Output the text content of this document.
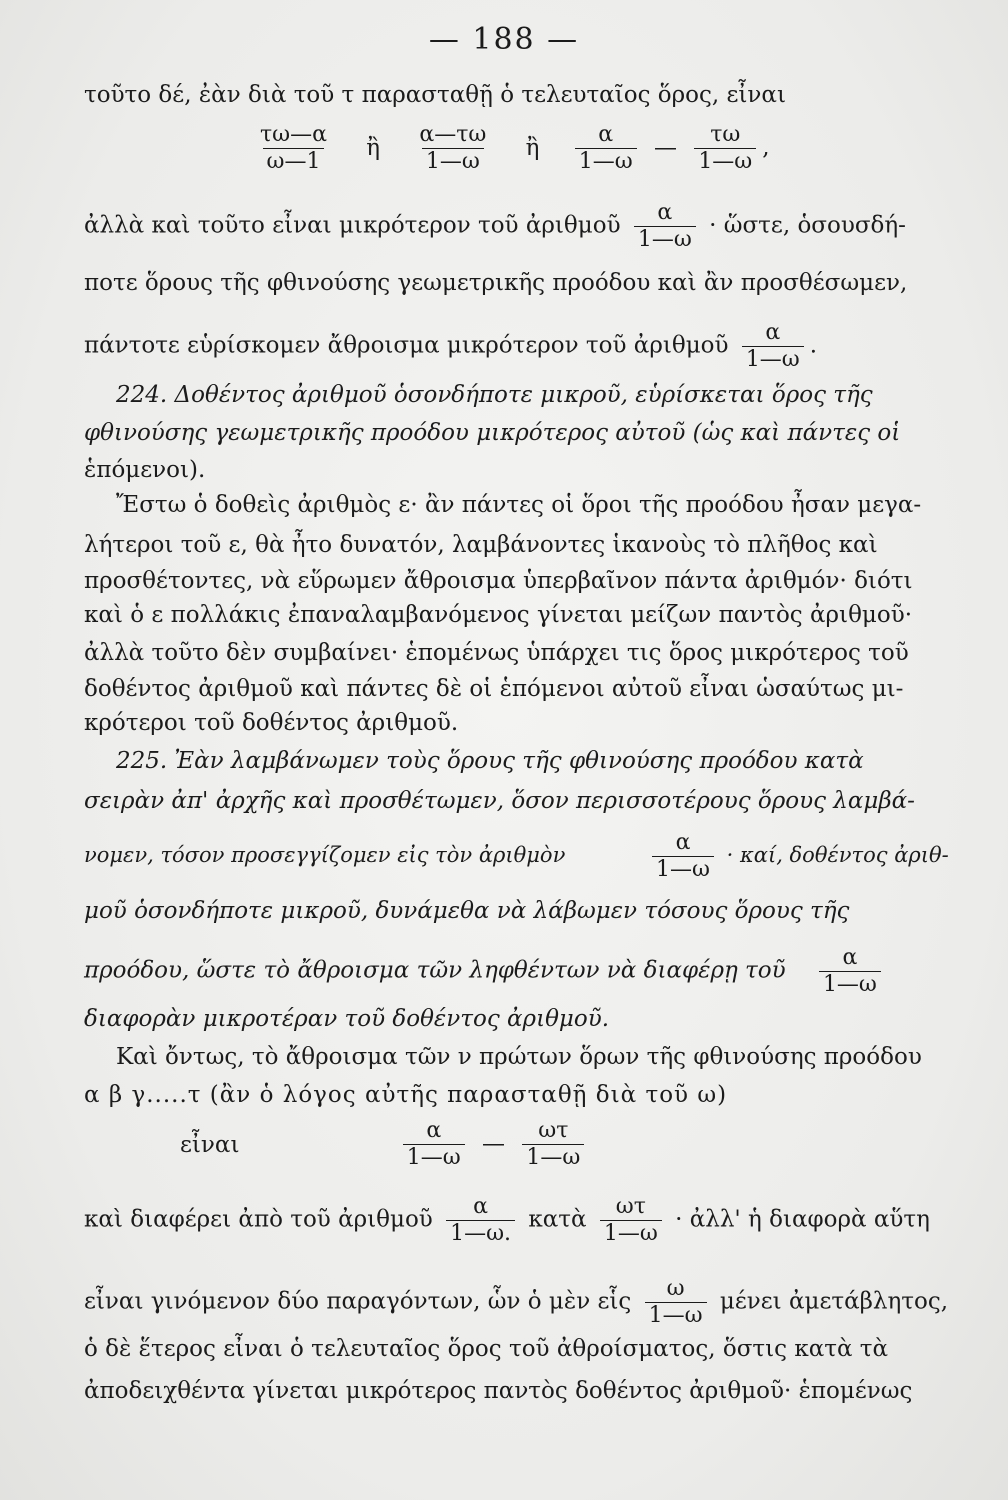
— 188 —
τοῦτο δέ, ἐὰν διὰ τοῦ τ παρασταθῇ ὁ τελευταῖος ὅρος, εἶναι
$\frac{\tau\omega—\alpha}{\omega—1}$ ἢ $\frac{\alpha—\tau\omega}{1—\omega}$ ἢ $\frac{\alpha}{1—\omega}$ — $\frac{\tau\omega}{1—\omega}$ ,
ἀλλὰ καὶ τοῦτο εἶναι μικρότερον τοῦ ἀριθμοῦ $\frac{\alpha}{1—\omega}$ · ὥστε, ὁσουσδή-
ποτε ὅρους τῆς φθινούσης γεωμετρικῆς προόδου καὶ ἂν προσθέσωμεν,
πάντοτε εὑρίσκομεν ἄθροισμα μικρότερον τοῦ ἀριθμοῦ $\frac{\alpha}{1—\omega}$ .
224. Δοθέντος ἀριθμοῦ ὁσονδήποτε μικροῦ, εὑρίσκεται ὅρος τῆς
φθινούσης γεωμετρικῆς προόδου μικρότερος αὐτοῦ (ὡς καὶ πάντες οἱ
ἑπόμενοι).
Ἔστω ὁ δοθεὶς ἀριθμὸς ε· ἂν πάντες οἱ ὅροι τῆς προόδου ἦσαν μεγα-
λήτεροι τοῦ ε, θὰ ἦτο δυνατόν, λαμβάνοντες ἱκανοὺς τὸ πλῆθος καὶ
προσθέτοντες, νὰ εὕρωμεν ἄθροισμα ὑπερβαῖνον πάντα ἀριθμόν· διότι
καὶ ὁ ε πολλάκις ἐπαναλαμβανόμενος γίνεται μείζων παντὸς ἀριθμοῦ·
ἀλλὰ τοῦτο δὲν συμβαίνει· ἑπομένως ὑπάρχει τις ὅρος μικρότερος τοῦ
δοθέντος ἀριθμοῦ καὶ πάντες δὲ οἱ ἑπόμενοι αὐτοῦ εἶναι ὡσαύτως μι-
κρότεροι τοῦ δοθέντος ἀριθμοῦ.
225. Ἐὰν λαμβάνωμεν τοὺς ὅρους τῆς φθινούσης προόδου κατὰ
σειρὰν ἀπ' ἀρχῆς καὶ προσθέτωμεν, ὅσον περισσοτέρους ὅρους λαμβά-
νομεν, τόσον προσεγγίζομεν εἰς τὸν ἀριθμὸν	$\frac{\alpha}{1—\omega} \cdot \kappa\alpha ί$, δοθέντος ἀριθ-
μοῦ ὁσονδήποτε μικροῦ, δυνάμεθα νὰ λάβωμεν τόσους ὅρους τῆς
προόδου, ὥστε τὸ ἄθροισμα τῶν ληφθέντων νὰ διαφέρῃ τοῦ $\frac{\alpha}{1—\omega}$
διαφορὰν μικροτέραν τοῦ δοθέντος ἀριθμοῦ.
Καὶ ὄντως, τὸ ἄθροισμα τῶν ν πρώτων ὅρων τῆς φθινούσης προόδου
α β γ.....τ (ἂν ὁ λόγος αὐτῆς παρασταθῇ διὰ τοῦ ω)
εἶναι	$\frac{\alpha}{1—\omega}$ — $\frac{\omega\tau}{1—\omega}$
καὶ διαφέρει ἀπὸ τοῦ ἀριθμοῦ $\frac{\alpha}{1—\omega.}$ κατὰ $\frac{\omega\tau}{1—\omega}$ · ἀλλ' ἡ διαφορὰ αὕτη
εἶναι γινόμενον δύο παραγόντων, ὧν ὁ μὲν εἷς $\frac{\omega}{1—\omega}$ μένει ἀμετάβλητος,
ὁ δὲ ἕτερος εἶναι ὁ τελευταῖος ὅρος τοῦ ἀθροίσματος, ὅστις κατὰ τὰ
ἀποδειχθέντα γίνεται μικρότερος παντὸς δοθέντος ἀριθμοῦ· ἑπομένως
